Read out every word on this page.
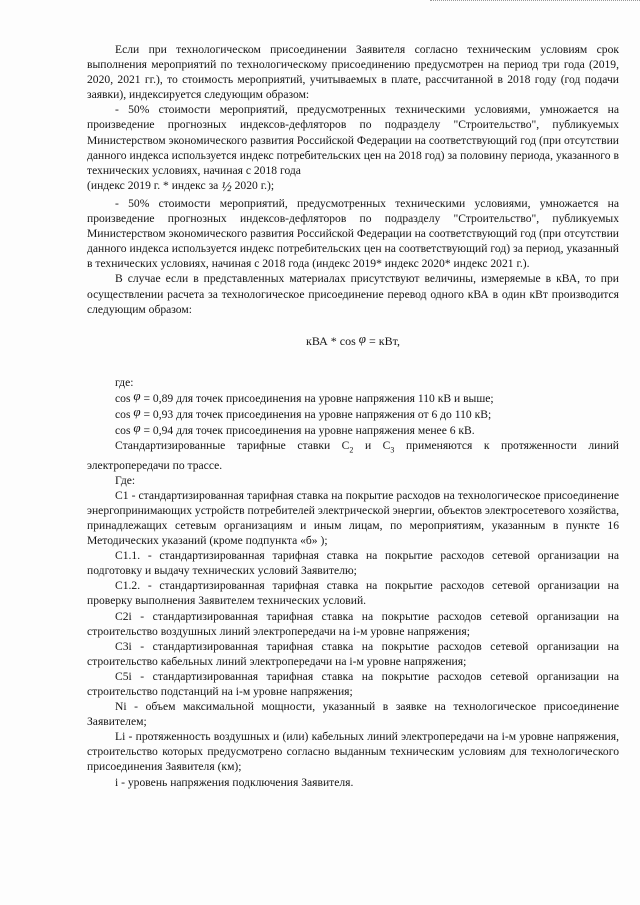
Если при технологическом присоединении Заявителя согласно техническим условиям срок выполнения мероприятий по технологическому присоединению предусмотрен на период три года (2019, 2020, 2021 гг.), то стоимость мероприятий, учитываемых в плате, рассчитанной в 2018 году (год подачи заявки), индексируется следующим образом:

- 50% стоимости мероприятий, предусмотренных техническими условиями, умножается на произведение прогнозных индексов-дефляторов по подразделу "Строительство", публикуемых Министерством экономического развития Российской Федерации на соответствующий год (при отсутствии данного индекса используется индекс потребительских цен на 2018 год) за половину периода, указанного в технических условиях, начиная с 2018 года

(индекс 2019 г. * индекс за ½ 2020 г.);

- 50% стоимости мероприятий, предусмотренных техническими условиями, умножается на произведение прогнозных индексов-дефляторов по подразделу "Строительство", публикуемых Министерством экономического развития Российской Федерации на соответствующий год (при отсутствии данного индекса используется индекс потребительских цен на соответствующий год) за период, указанный в технических условиях, начиная с 2018 года (индекс 2019* индекс 2020* индекс 2021 г.).

В случае если в представленных материалах присутствуют величины, измеряемые в кВА, то при осуществлении расчета за технологическое присоединение перевод одного кВА в один кВт производится следующим образом:

кВА * cos φ = кВт,

где:

cos φ = 0,89 для точек присоединения на уровне напряжения 110 кВ и выше;

cos φ = 0,93 для точек присоединения на уровне напряжения от 6 до 110 кВ;

cos φ = 0,94 для точек присоединения на уровне напряжения менее 6 кВ.

Стандартизированные тарифные ставки $С_2$ и $С_3$ применяются к протяженности линий электропередачи по трассе.

Где:

С1 - стандартизированная тарифная ставка на покрытие расходов на технологическое присоединение энергопринимающих устройств потребителей электрической энергии, объектов электросетевого хозяйства, принадлежащих сетевым организациям и иным лицам, по мероприятиям, указанным в пункте 16 Методических указаний (кроме подпункта «б» );

С1.1. - стандартизированная тарифная ставка на покрытие расходов сетевой организации на подготовку и выдачу технических условий Заявителю;

С1.2. - стандартизированная тарифная ставка на покрытие расходов сетевой организации на проверку выполнения Заявителем технических условий.

С2i - стандартизированная тарифная ставка на покрытие расходов сетевой организации на строительство воздушных линий электропередачи на i-м уровне напряжения;

С3i - стандартизированная тарифная ставка на покрытие расходов сетевой организации на строительство кабельных линий электропередачи на i-м уровне напряжения;

С5i - стандартизированная тарифная ставка на покрытие расходов сетевой организации на строительство подстанций на i-м уровне напряжения;

Ni - объем максимальной мощности, указанный в заявке на технологическое присоединение Заявителем;

Li - протяженность воздушных и (или) кабельных линий электропередачи на i-м уровне напряжения, строительство которых предусмотрено согласно выданным техническим условиям для технологического присоединения Заявителя (км);

i - уровень напряжения подключения Заявителя.
